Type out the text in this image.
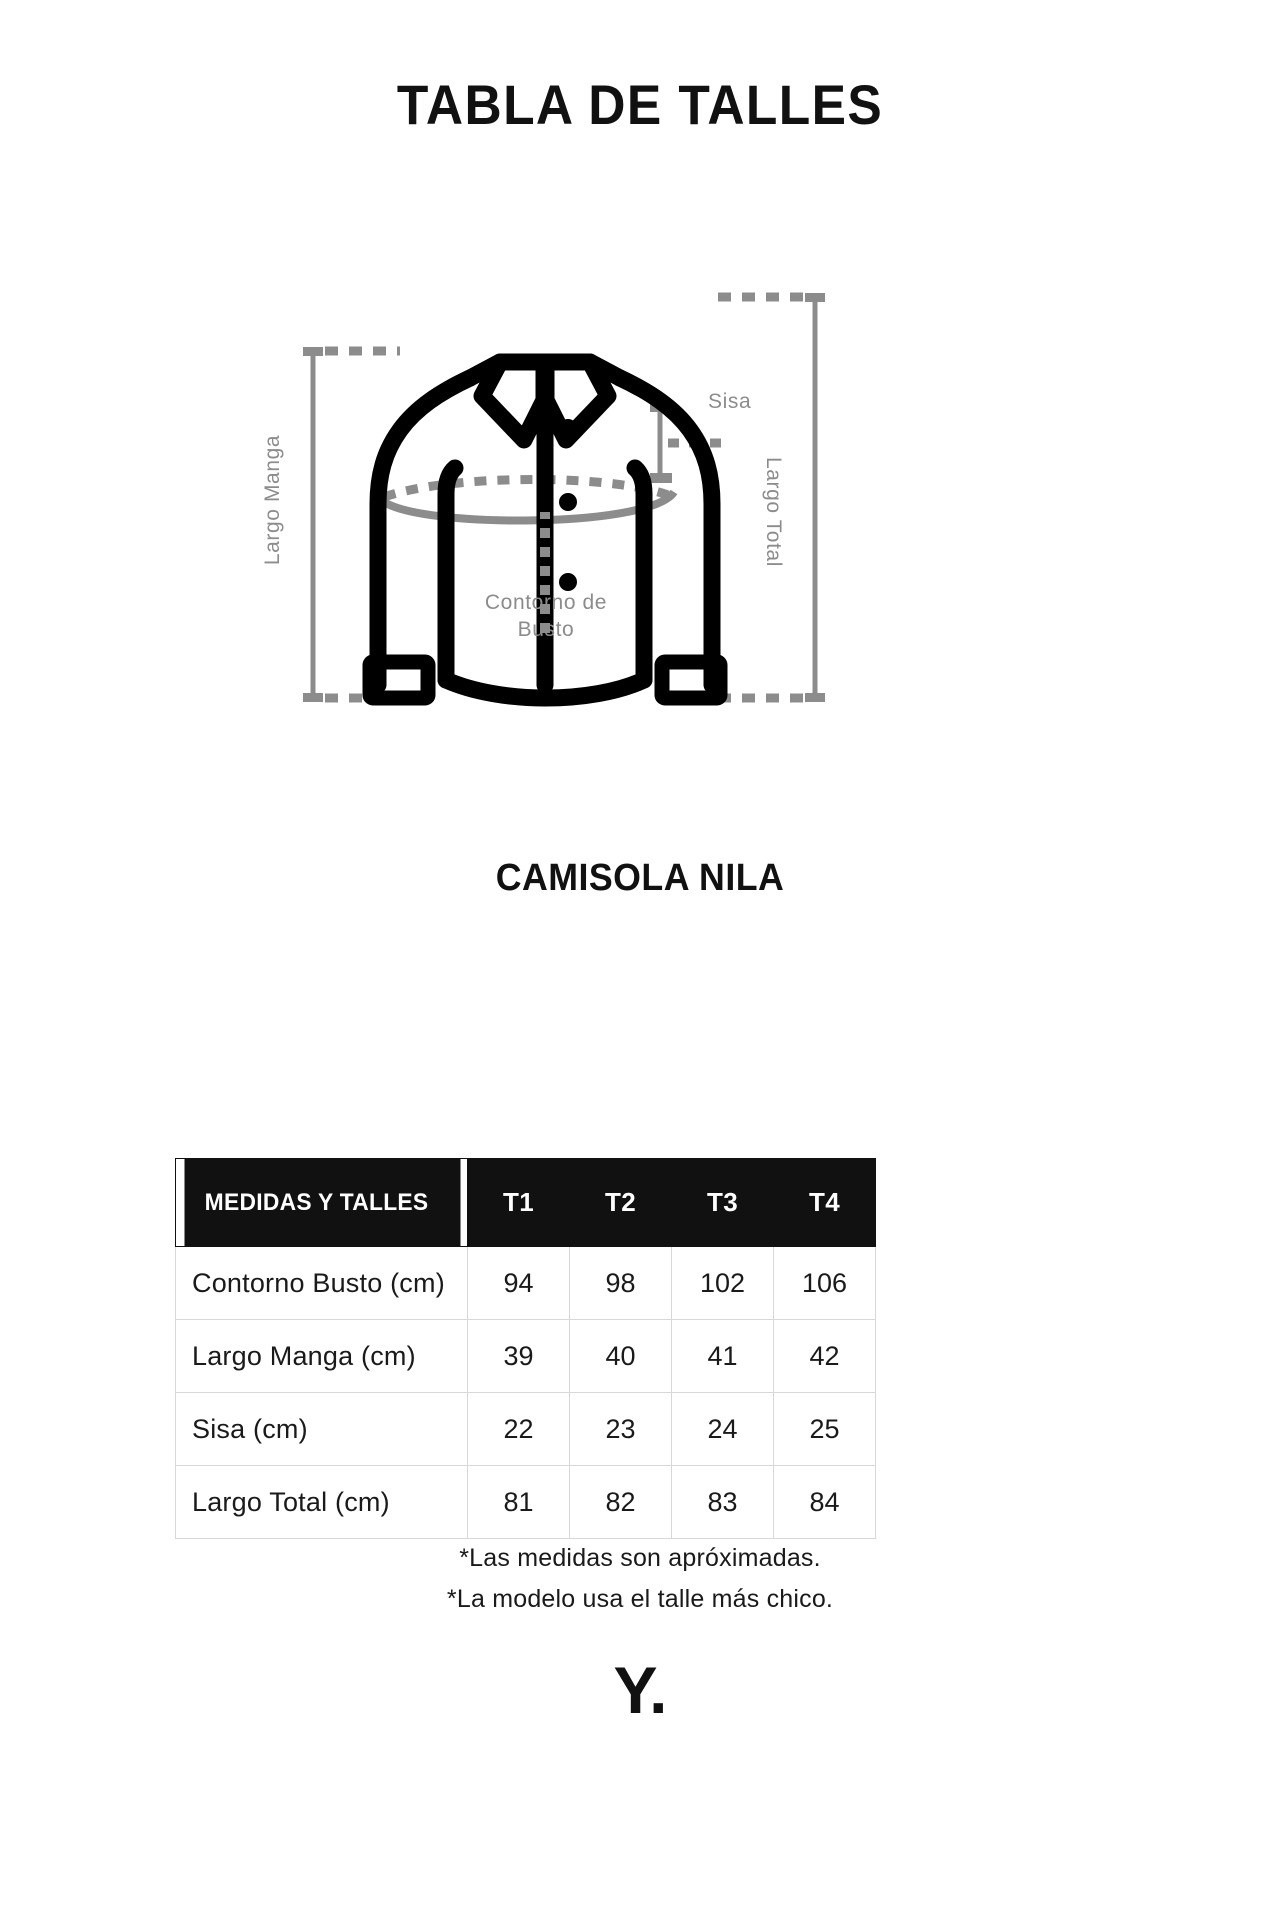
TABLA DE TALLES
Largo Manga	Largo Total
Sisa
Contorno de
Busto
CAMISOLA NILA
MEDIDAS Y TALLES	T1	T2	T3	T4
Contorno Busto (cm)	94	98	102	106
Largo Manga (cm)	39	40	41	42
Sisa (cm)	22	23	24	25
Largo Total (cm)	81	82	83	84
*Las medidas son apróximadas.
*La modelo usa el talle más chico.
Y.
